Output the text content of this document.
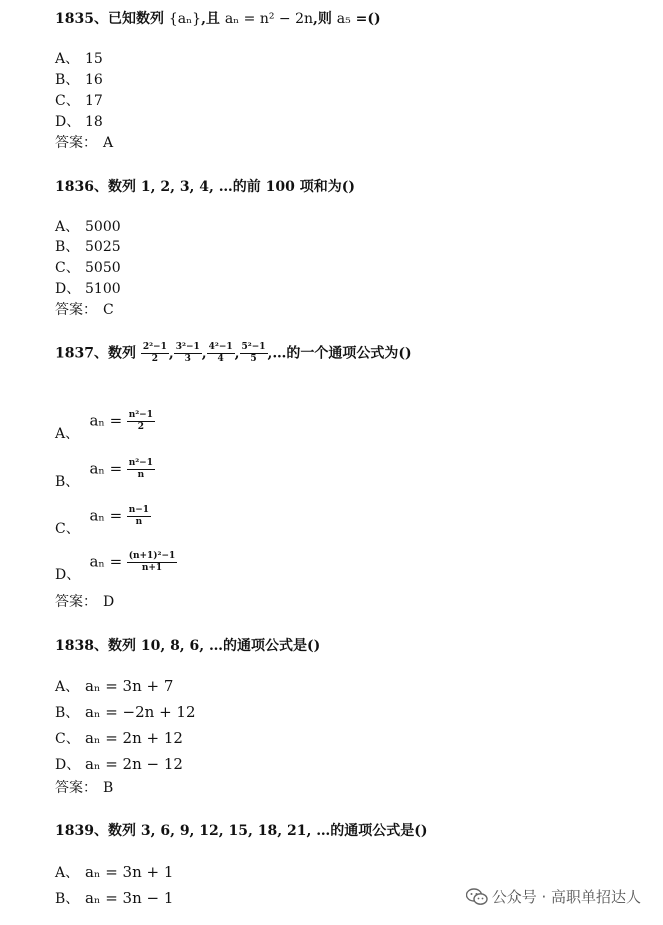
1835、已知数列 {aₙ},且 aₙ = n² − 2n,则 a₅ =()
A、 15
B、 16
C、 17
D、 18
答案： A
1836、数列 1, 2, 3, 4, …的前 100 项和为()
A、 5000
B、 5025
C、 5050
D、 5100
答案： C
1837、数列 $\frac{\text{2²−1}}{2}$ , $\frac{\text{3²−1}}{3}$ , $\frac{\text{4²−1}}{4}$ , $\frac{\text{5²−1}}{5}$ ,…的一个通项公式为()
A、 $a_n = \frac{\text{n²−1}}{2}$
B、 $a_n = \frac{\text{n²−1}}{n}$
C、 $a_n = \frac{n-1}{n}$
D、 $a_n = \frac{\text{(n+1)²−1}}{n+1}$
答案： D
1838、数列 10, 8, 6, …的通项公式是()
A、 aₙ = 3n + 7
B、 aₙ = −2n + 12
C、 aₙ = 2n + 12
D、 aₙ = 2n − 12
答案： B
1839、数列 3, 6, 9, 12, 15, 18, 21, …的通项公式是()
A、 aₙ = 3n + 1
B、 aₙ = 3n − 1	公众号 · 高职单招达人
